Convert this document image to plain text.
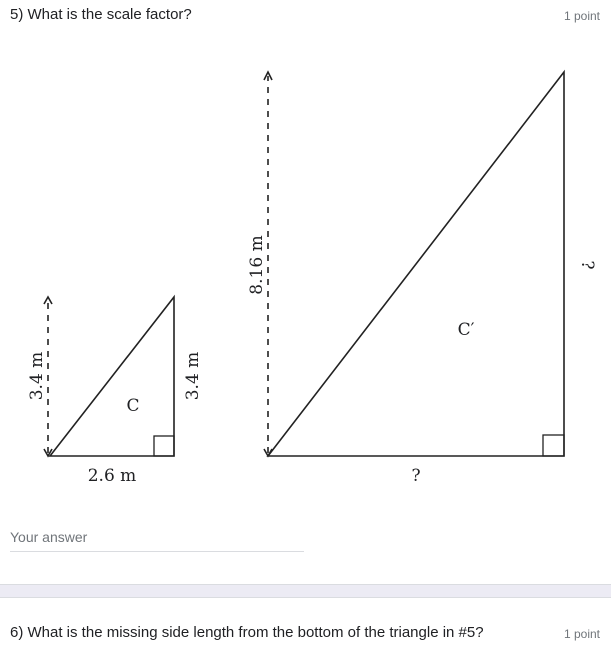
5) What is the scale factor?	1 point
3.4 m	3.4 m
2.6 m
C
8.16 m	?
?
C′
Your answer
6) What is the missing side length from the bottom of the triangle in #5?	1 point
